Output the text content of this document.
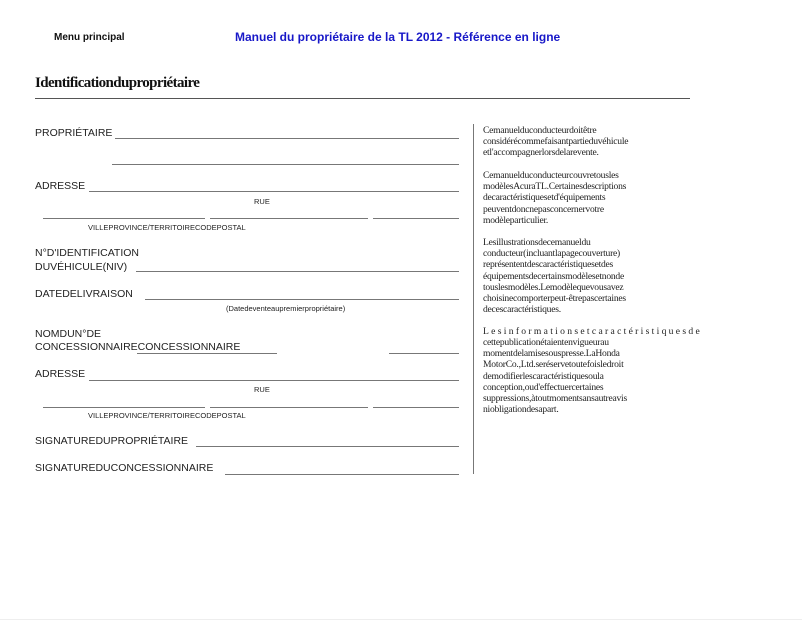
Menu principal	Manuel du propriétaire de la TL 2012 - Référence en ligne
Identificationdupropriétaire
PROPRIÉTAIRE
ADRESSE
RUE
VILLEPROVINCE/TERRITOIRECODEPOSTAL
N°D'IDENTIFICATION
DUVÉHICULE(NIV)
DATEDELIVRAISON
(Datedeventeaupremierpropriétaire)
NOMDUN°DE
CONCESSIONNAIRECONCESSIONNAIRE
ADRESSE
RUE
VILLEPROVINCE/TERRITOIRECODEPOSTAL
SIGNATUREDUPROPRIÉTAIRE
SIGNATUREDUCONCESSIONNAIRE
Cemanuelduconducteurdoitêtre
considérécommefaisantpartieduvéhicule
etl'accompagnerlorsdelarevente.
Cemanuelduconducteurcouvretousles
modèlesAcuraTL.Certainesdescriptions
decaractéristiquesetd'équipements
peuventdoncnepasconcernervotre
modèleparticulier.
Lesillustrationsdecemanueldu
conducteur(incluantlapagecouverture)
représententdescaractéristiquesetdes
équipementsdecertainsmodèlesetnonde
touslesmodèles.Lemodèlequevousavez
choisinecomporterpeut-êtrepascertaines
decescaractéristiques.
Lesinformationsetcaractéristiquesde
cettepublicationétaientenvigueurau
momentdelamisesouspresse.LaHonda
MotorCo.,Ltd.seréservetoutefoisledroit
demodifierlescaractéristiquesoula
conception,oud'effectuercertaines
suppressions,àtoutmomentsansautreavis
niobligationdesapart.
